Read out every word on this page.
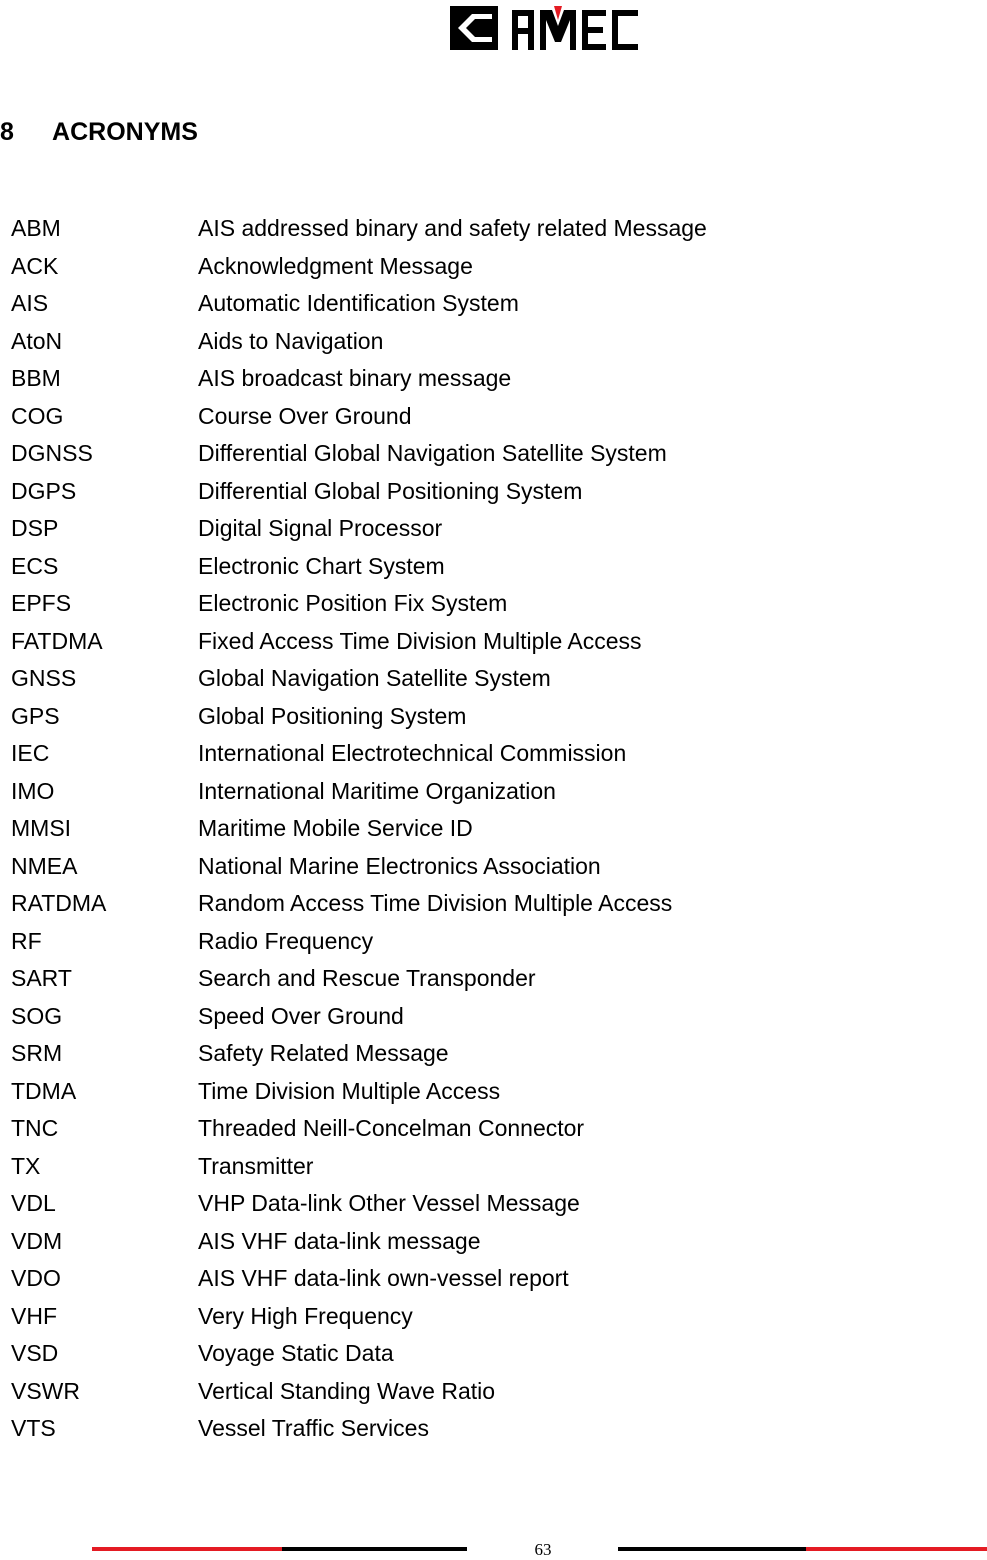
8 ACRONYMS
ABM	AIS addressed binary and safety related Message
ACK	Acknowledgment Message
AIS	Automatic Identification System
AtoN	Aids to Navigation
BBM	AIS broadcast binary message
COG	Course Over Ground
DGNSS	Differential Global Navigation Satellite System
DGPS	Differential Global Positioning System
DSP	Digital Signal Processor
ECS	Electronic Chart System
EPFS	Electronic Position Fix System
FATDMA	Fixed Access Time Division Multiple Access
GNSS	Global Navigation Satellite System
GPS	Global Positioning System
IEC	International Electrotechnical Commission
IMO	International Maritime Organization
MMSI	Maritime Mobile Service ID
NMEA	National Marine Electronics Association
RATDMA	Random Access Time Division Multiple Access
RF	Radio Frequency
SART	Search and Rescue Transponder
SOG	Speed Over Ground
SRM	Safety Related Message
TDMA	Time Division Multiple Access
TNC	Threaded Neill-Concelman Connector
TX	Transmitter
VDL	VHP Data-link Other Vessel Message
VDM	AIS VHF data-link message
VDO	AIS VHF data-link own-vessel report
VHF	Very High Frequency
VSD	Voyage Static Data
VSWR	Vertical Standing Wave Ratio
VTS	Vessel Traffic Services
63
